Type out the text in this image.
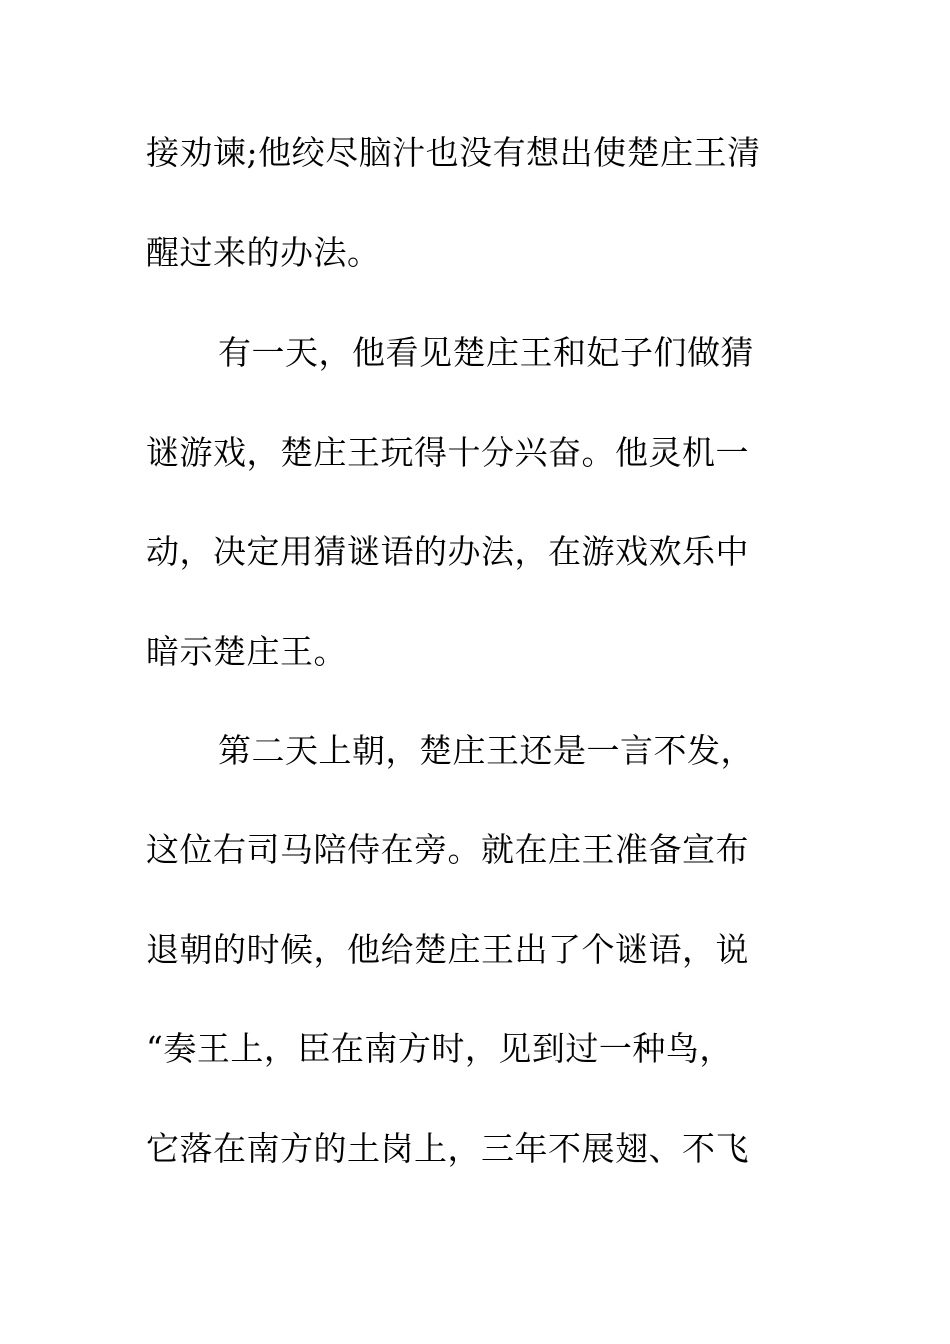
接劝谏;他绞尽脑汁也没有想出使楚庄王清
醒过来的办法。
有一天，他看见楚庄王和妃子们做猜
谜游戏，楚庄王玩得十分兴奋。他灵机一
动，决定用猜谜语的办法，在游戏欢乐中
暗示楚庄王。
第二天上朝，楚庄王还是一言不发，
这位右司马陪侍在旁。就在庄王准备宣布
退朝的时候，他给楚庄王出了个谜语，说
“奏王上，臣在南方时，见到过一种鸟，
它落在南方的土岗上，三年不展翅、不飞
